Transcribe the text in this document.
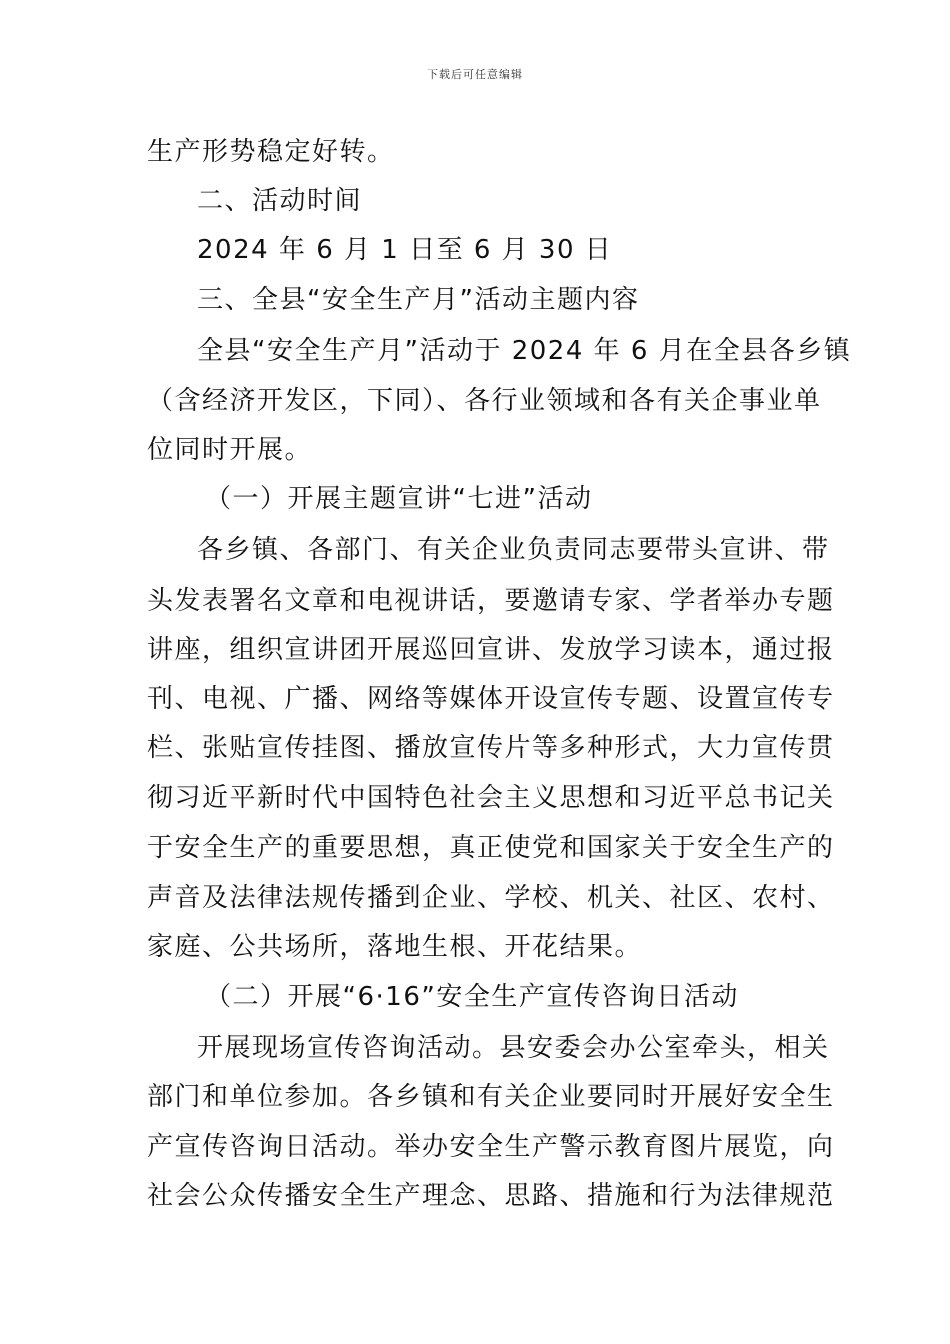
下载后可任意编辑
生产形势稳定好转。
二、活动时间
2024 年 6 月 1 日至 6 月 30 日
三、全县“安全生产月”活动主题内容
全县“安全生产月”活动于 2024 年 6 月在全县各乡镇
（含经济开发区，下同）、各行业领域和各有关企事业单
位同时开展。
（一）开展主题宣讲“七进”活动
各乡镇、各部门、有关企业负责同志要带头宣讲、带
头发表署名文章和电视讲话，要邀请专家、学者举办专题
讲座，组织宣讲团开展巡回宣讲、发放学习读本，通过报
刊、电视、广播、网络等媒体开设宣传专题、设置宣传专
栏、张贴宣传挂图、播放宣传片等多种形式，大力宣传贯
彻习近平新时代中国特色社会主义思想和习近平总书记关
于安全生产的重要思想，真正使党和国家关于安全生产的
声音及法律法规传播到企业、学校、机关、社区、农村、
家庭、公共场所，落地生根、开花结果。
（二）开展“6·16”安全生产宣传咨询日活动
开展现场宣传咨询活动。县安委会办公室牵头，相关
部门和单位参加。各乡镇和有关企业要同时开展好安全生
产宣传咨询日活动。举办安全生产警示教育图片展览，向
社会公众传播安全生产理念、思路、措施和行为法律规范
